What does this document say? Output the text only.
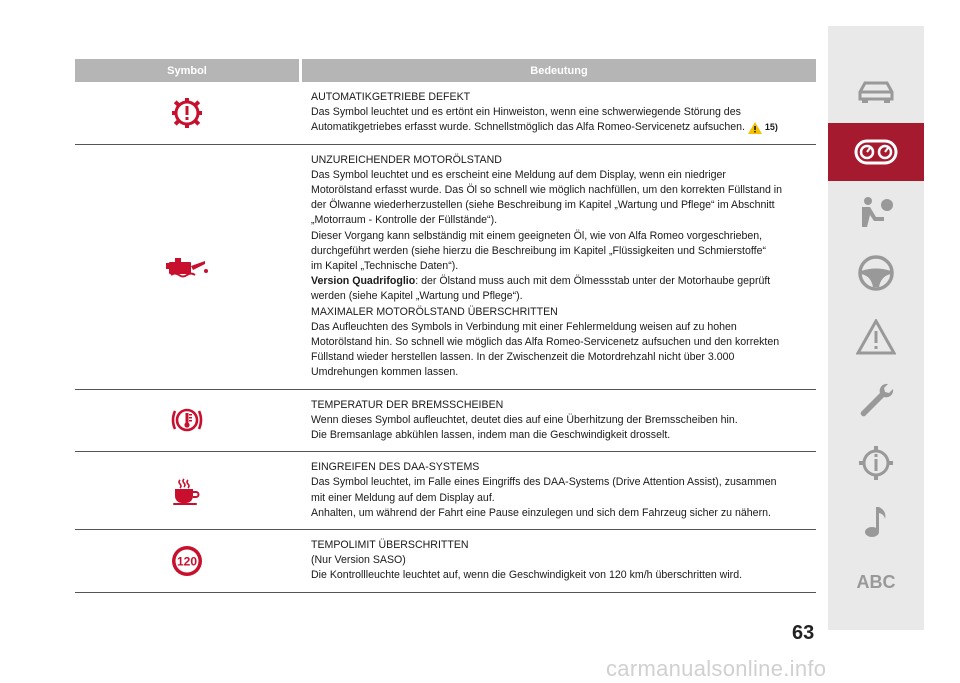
Symbol	Bedeutung

AUTOMATIKGETRIEBE DEFEKT

Das Symbol leuchtet und es ertönt ein Hinweiston, wenn eine schwerwiegende Störung des

Automatikgetriebes erfasst wurde. Schnellstmöglich das Alfa Romeo-Servicenetz aufsuchen. 15)

UNZUREICHENDER MOTORÖLSTAND

Das Symbol leuchtet und es erscheint eine Meldung auf dem Display, wenn ein niedriger

Motorölstand erfasst wurde. Das Öl so schnell wie möglich nachfüllen, um den korrekten Füllstand in

der Ölwanne wiederherzustellen (siehe Beschreibung im Kapitel „Wartung und Pflege“ im Abschnitt

„Motorraum - Kontrolle der Füllstände“).

Dieser Vorgang kann selbständig mit einem geeigneten Öl, wie von Alfa Romeo vorgeschrieben,

durchgeführt werden (siehe hierzu die Beschreibung im Kapitel „Flüssigkeiten und Schmierstoffe“

im Kapitel „Technische Daten“).

Version Quadrifoglio: der Ölstand muss auch mit dem Ölmessstab unter der Motorhaube geprüft

werden (siehe Kapitel „Wartung und Pflege“).

MAXIMALER MOTORÖLSTAND ÜBERSCHRITTEN

Das Aufleuchten des Symbols in Verbindung mit einer Fehlermeldung weisen auf zu hohen

Motorölstand hin. So schnell wie möglich das Alfa Romeo-Servicenetz aufsuchen und den korrekten

Füllstand wieder herstellen lassen. In der Zwischenzeit die Motordrehzahl nicht über 3.000

Umdrehungen kommen lassen.

TEMPERATUR DER BREMSSCHEIBEN

Wenn dieses Symbol aufleuchtet, deutet dies auf eine Überhitzung der Bremsscheiben hin.

Die Bremsanlage abkühlen lassen, indem man die Geschwindigkeit drosselt.

EINGREIFEN DES DAA-SYSTEMS

Das Symbol leuchtet, im Falle eines Eingriffs des DAA-Systems (Drive Attention Assist), zusammen

mit einer Meldung auf dem Display auf.

Anhalten, um während der Fahrt eine Pause einzulegen und sich dem Fahrzeug sicher zu nähern.

120

TEMPOLIMIT ÜBERSCHRITTEN

(Nur Version SASO)

Die Kontrollleuchte leuchtet auf, wenn die Geschwindigkeit von 120 km/h überschritten wird.	ABC
63
carmanualsonline.info
